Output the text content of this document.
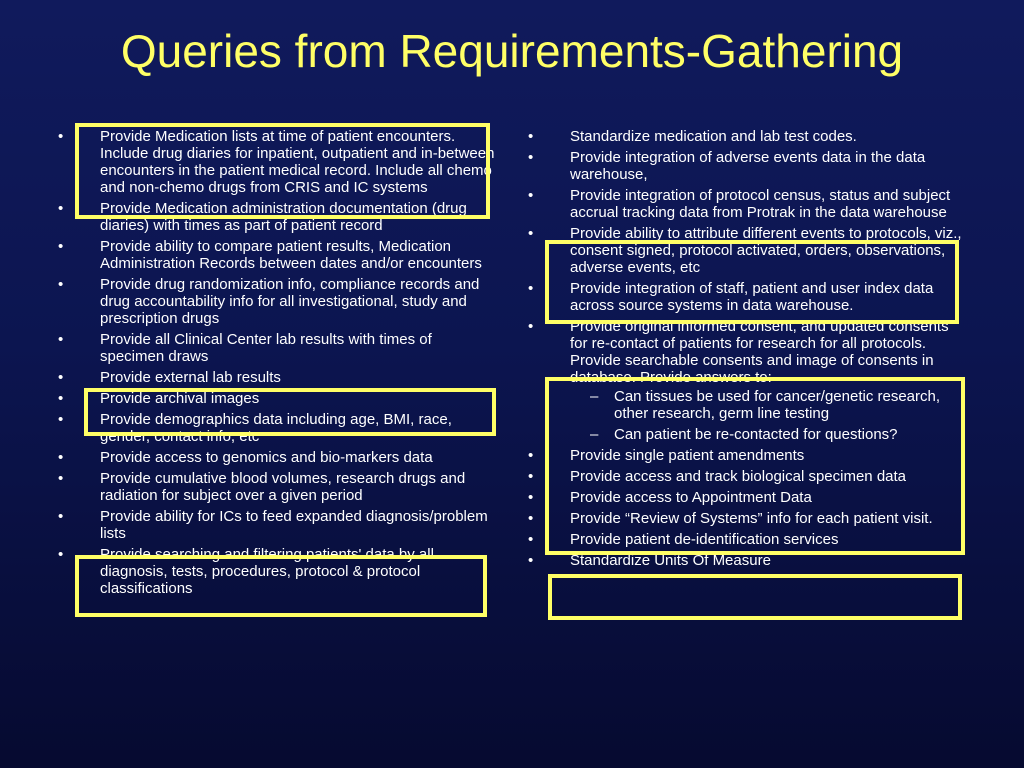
Queries from Requirements-Gathering
• Provide Medication lists at time of patient encounters. Include drug diaries for inpatient, outpatient and in-between encounters in the patient medical record. Include all chemo and non-chemo drugs from CRIS and IC systems
• Provide Medication administration documentation (drug diaries) with times as part of patient record
• Provide ability to compare patient results, Medication Administration Records between dates and/or encounters
• Provide drug randomization info, compliance records and drug accountability info for all investigational, study and prescription drugs
• Provide all Clinical Center lab results with times of specimen draws
• Provide external lab results
• Provide archival images
• Provide demographics data including age, BMI, race, gender, contact info, etc
• Provide access to genomics and bio-markers data
• Provide cumulative blood volumes, research drugs and radiation for subject over a given period
• Provide ability for ICs to feed expanded diagnosis/problem lists
• Provide searching and filtering patients' data by all diagnosis, tests, procedures, protocol & protocol classifications
• Standardize medication and lab test codes.
• Provide integration of adverse events data in the data warehouse,
• Provide integration of protocol census, status and subject accrual tracking data from Protrak in the data warehouse
• Provide ability to attribute different events to protocols, viz., consent signed, protocol activated, orders, observations, adverse events, etc
• Provide integration of staff, patient and user index data across source systems in data warehouse.
• Provide original informed consent, and updated consents for re-contact of patients for research for all protocols. Provide searchable consents and image of consents in database. Provide answers to:
– Can tissues be used for cancer/genetic research, other research, germ line testing
– Can patient be re-contacted for questions?
• Provide single patient amendments
• Provide access and track biological specimen data
• Provide access to Appointment Data
• Provide “Review of Systems” info for each patient visit.
• Provide patient de-identification services
• Standardize Units Of Measure
